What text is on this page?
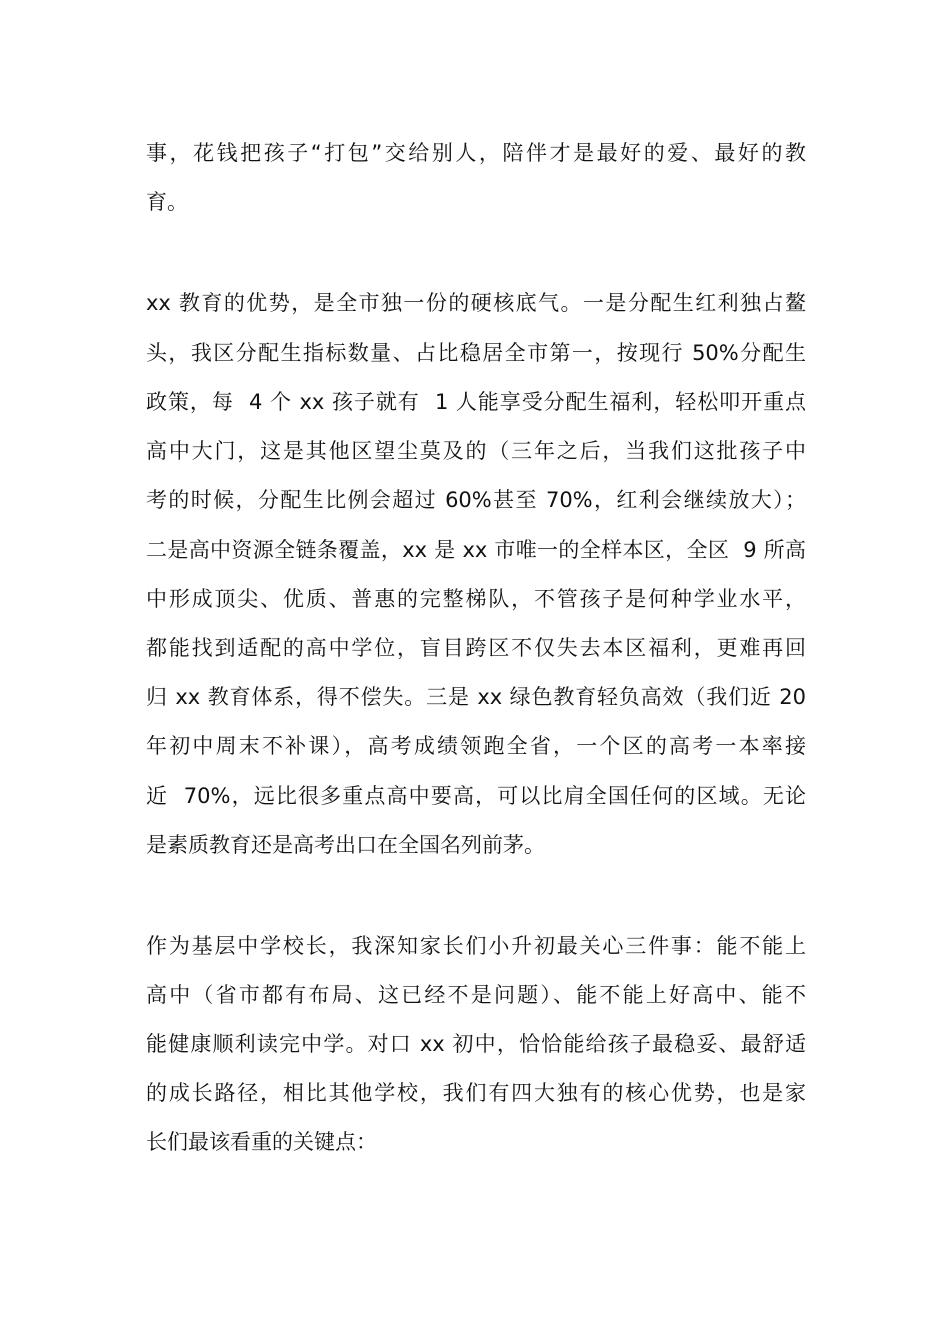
事，花钱把孩子“打包”交给别人，陪伴才是最好的爱、最好的教
育。
xx 教育的优势，是全市独一份的硬核底气。一是分配生红利独占鳌
头，我区分配生指标数量、占比稳居全市第一，按现行 50%分配生
政策，每  4 个 xx 孩子就有  1 人能享受分配生福利，轻松叩开重点
高中大门，这是其他区望尘莫及的（三年之后，当我们这批孩子中
考的时候，分配生比例会超过 60%甚至 70%，红利会继续放大）；
二是高中资源全链条覆盖，xx 是 xx 市唯一的全样本区，全区  9 所高
中形成顶尖、优质、普惠的完整梯队，不管孩子是何种学业水平，
都能找到适配的高中学位，盲目跨区不仅失去本区福利，更难再回
归 xx 教育体系，得不偿失。三是 xx 绿色教育轻负高效（我们近 20
年初中周末不补课），高考成绩领跑全省，一个区的高考一本率接
近  70%，远比很多重点高中要高，可以比肩全国任何的区域。无论
是素质教育还是高考出口在全国名列前茅。
作为基层中学校长，我深知家长们小升初最关心三件事：能不能上
高中（省市都有布局、这已经不是问题）、能不能上好高中、能不
能健康顺利读完中学。对口 xx 初中，恰恰能给孩子最稳妥、最舒适
的成长路径，相比其他学校，我们有四大独有的核心优势，也是家
长们最该看重的关键点：
